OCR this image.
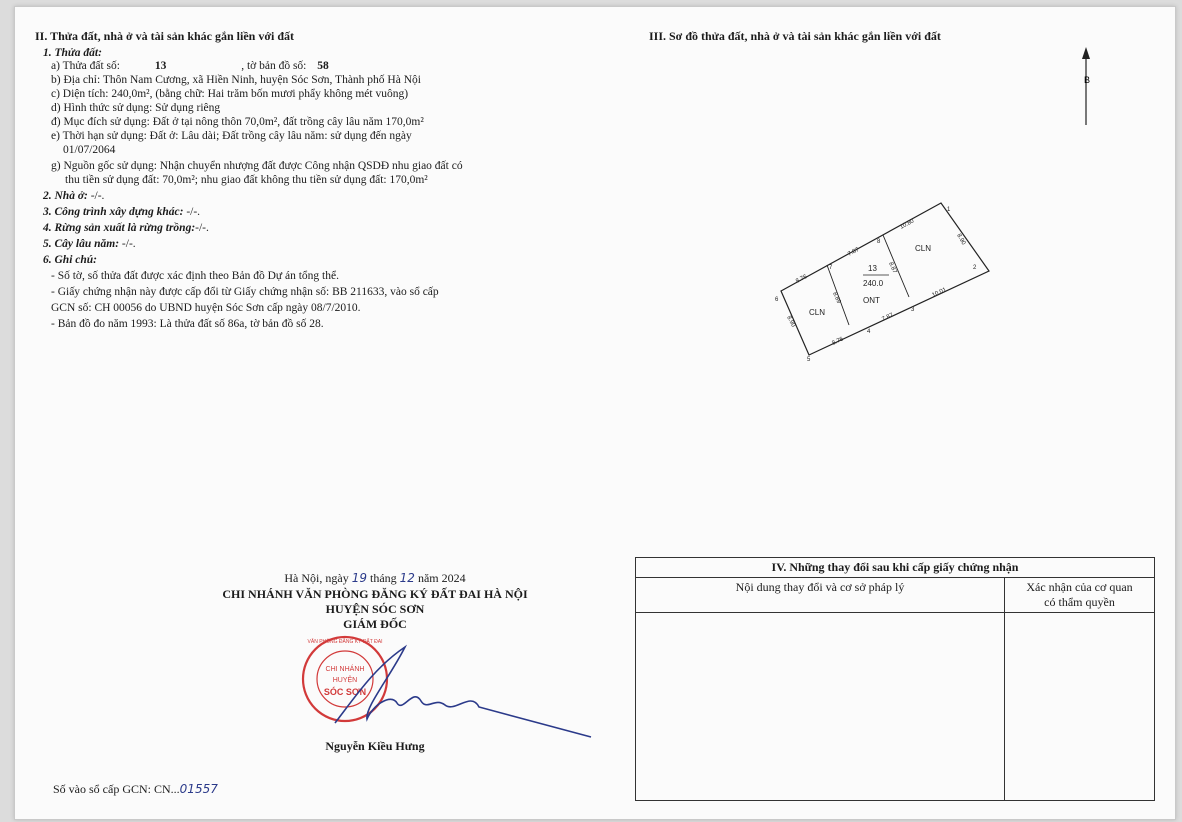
II. Thửa đất, nhà ở và tài sản khác gắn liền với đất
1. Thửa đất:
a) Thửa đất số:	13	, tờ bản đồ số: 58
b) Địa chỉ: Thôn Nam Cương, xã Hiền Ninh, huyện Sóc Sơn, Thành phố Hà Nội
c) Diện tích: 240,0m², (bằng chữ: Hai trăm bốn mươi phẩy không mét vuông)
d) Hình thức sử dụng: Sử dụng riêng
đ) Mục đích sử dụng: Đất ở tại nông thôn 70,0m², đất trồng cây lâu năm 170,0m²
e) Thời hạn sử dụng: Đất ở: Lâu dài; Đất trồng cây lâu năm: sử dụng đến ngày
01/07/2064
g) Nguồn gốc sử dụng: Nhận chuyển nhượng đất được Công nhận QSDĐ nhu giao đất có
thu tiền sử dụng đất: 70,0m²; nhu giao đất không thu tiền sử dụng đất: 170,0m²
2. Nhà ở: -/-.
3. Công trình xây dựng khác: -/-.
4. Rừng sản xuất là rừng trồng:-/-.
5. Cây lâu năm: -/-.
6. Ghi chú:
- Số tờ, số thửa đất được xác định theo Bản đồ Dự án tổng thể.
- Giấy chứng nhận này được cấp đổi từ Giấy chứng nhận số: BB 211633, vào sổ cấp
GCN số: CH 00056 do UBND huyện Sóc Sơn cấp ngày 08/7/2010.
- Bản đồ đo năm 1993: Là thửa đất số 86a, tờ bản đồ số 28.
III. Sơ đồ thửa đất, nhà ở và tài sản khác gắn liền với đất
B
13
240.0
CLN
ONT
CLN
10.80
7.87
8.76
8.90
10.01
7.87
8.76
8.90
8.87
8.89
1
2
3
4
5
6
7
8
Hà Nội, ngày 19 tháng 12 năm 2024
CHI NHÁNH VĂN PHÒNG ĐĂNG KÝ ĐẤT ĐAI HÀ NỘI
HUYỆN SÓC SƠN
GIÁM ĐỐC
VĂN PHÒNG ĐĂNG KÝ ĐẤT ĐAI
CHI NHÁNH
HUYỆN
SÓC SƠN
Nguyễn Kiều Hưng
Số vào sổ cấp GCN: CN...01557
IV. Những thay đổi sau khi cấp giấy chứng nhận	
Nội dung thay đổi và cơ sở pháp lý	Xác nhận của cơ quan
có thẩm quyền
